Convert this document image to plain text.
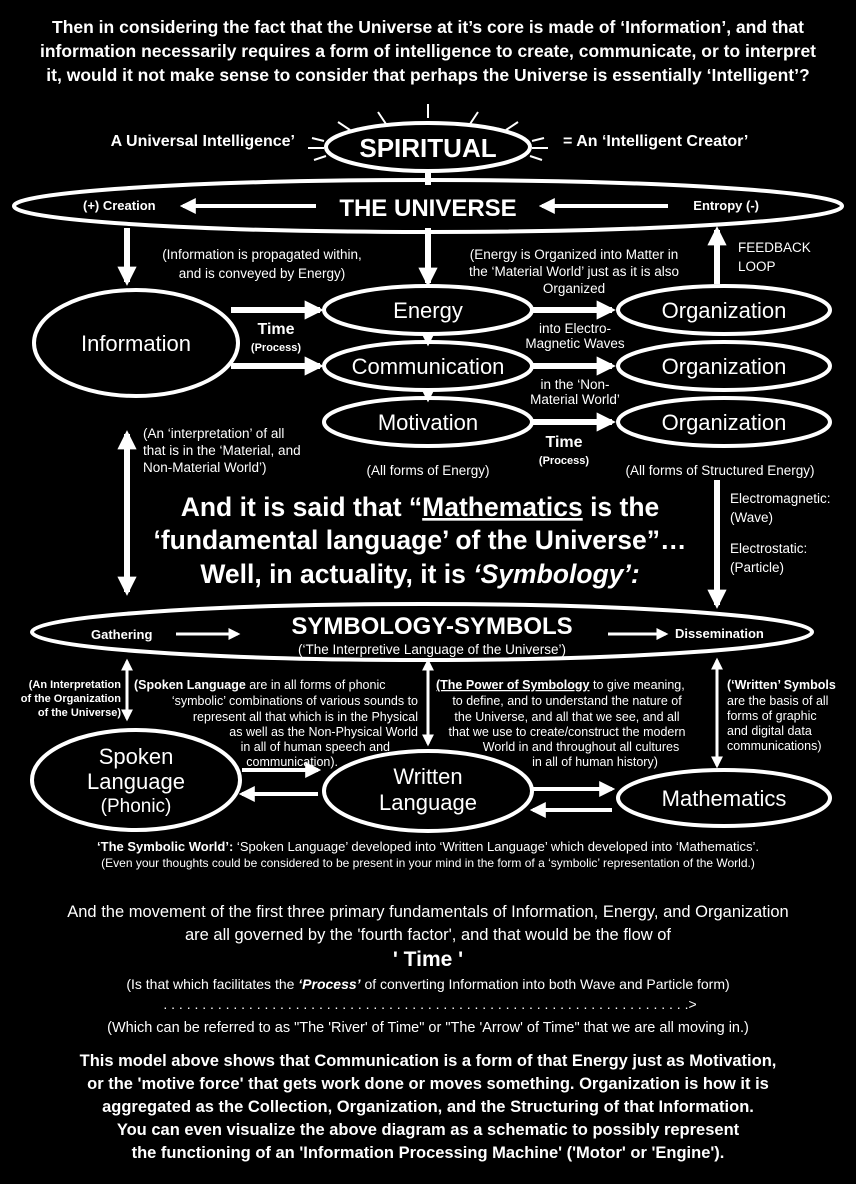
Then in considering the fact that the Universe at it’s core is made of ‘Information’, and that
information necessarily requires a form of intelligence to create, communicate, or to interpret
it, would it not make sense to consider that perhaps the Universe is essentially ‘Intelligent’?
SPIRITUAL
A Universal Intelligence’	= An ‘Intelligent Creator’
THE UNIVERSE
(+) Creation	Entropy (-)
FEEDBACK
LOOP
(Information is propagated within,
and is conveyed by Energy)
(Energy is Organized into Matter in
the ‘Material World’ just as it is also
Organized
into Electro-
Magnetic Waves
in the ‘Non-
Material World’
(An ‘interpretation’ of all
that is in the ‘Material, and
Non-Material World’)	(All forms of Energy)	(All forms of Structured Energy)
Electromagnetic:
(Wave)
Electrostatic:
(Particle)
Information
Energy
Communication
Motivation
Organization
Organization
Organization
Time
(Process)
Time
(Process)
And it is said that “Mathematics is the
‘fundamental language’ of the Universe”…
Well, in actuality, it is ‘Symbology’:
SYMBOLOGY-SYMBOLS
(‘The Interpretive Language of the Universe’)
Gathering	Dissemination
(An Interpretation
of the Organization
of the Universe)
(Spoken Language are in all forms of phonic
‘symbolic’ combinations of various sounds to
represent all that which is in the Physical
as well as the Non-Physical World
in all of human speech and
communication).
(The Power of Symbology to give meaning,
to define, and to understand the nature of
the Universe, and all that we see, and all
that we use to create/construct the modern
World in and throughout all cultures
in all of human history)
(‘Written’ Symbols
are the basis of all
forms of graphic
and digital data
communications)
Spoken
Language
(Phonic)
Written
Language	Mathematics
‘The Symbolic World’: ‘Spoken Language’ developed into ‘Written Language’ which developed into ‘Mathematics’.
(Even your thoughts could be considered to be present in your mind in the form of a ‘symbolic’ representation of the World.)
And the movement of the first three primary fundamentals of Information, Energy, and Organization
are all governed by the 'fourth factor', and that would be the flow of
' Time '
(Is that which facilitates the ‘Process’ of converting Information into both Wave and Particle form)
. . . . . . . . . . . . . . . . . . . . . . . . . . . . . . . . . . . . . . . . . . . . . . . . . . . . . . . . . . . . . . . . . . . .>
(Which can be referred to as "The 'River' of Time" or "The 'Arrow' of Time" that we are all moving in.)
This model above shows that Communication is a form of that Energy just as Motivation,
or the 'motive force' that gets work done or moves something. Organization is how it is
aggregated as the Collection, Organization, and the Structuring of that Information.
You can even visualize the above diagram as a schematic to possibly represent
the functioning of an 'Information Processing Machine' ('Motor' or 'Engine').
